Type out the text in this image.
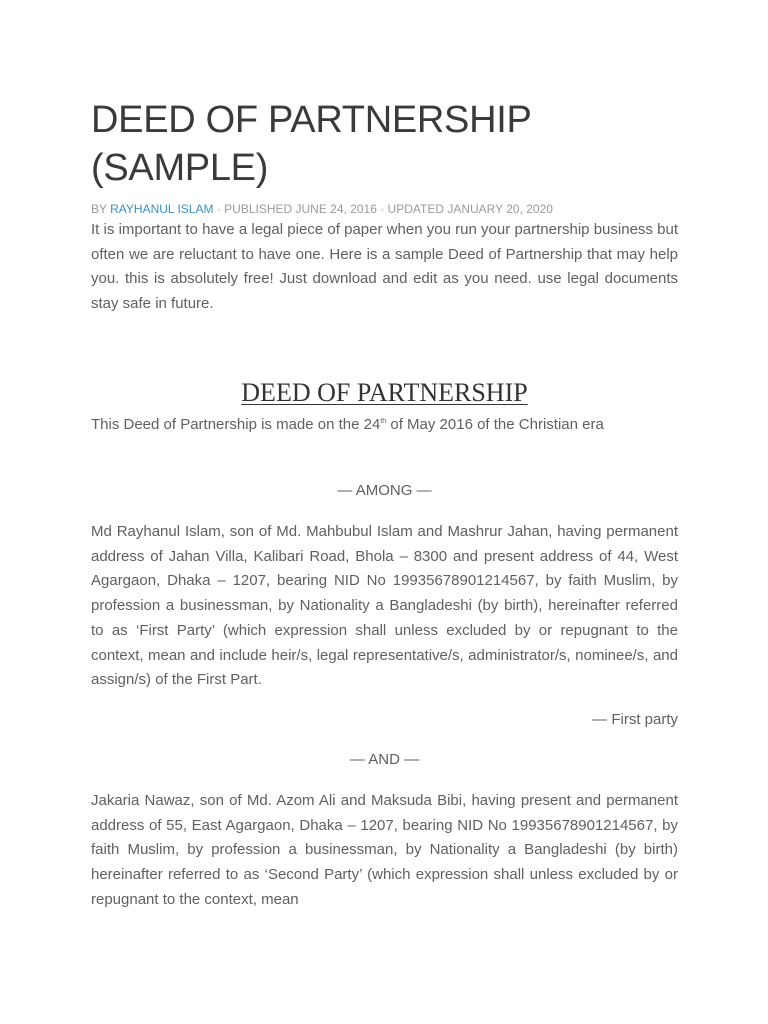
DEED OF PARTNERSHIP
(SAMPLE)
BY RAYHANUL ISLAM · PUBLISHED JUNE 24, 2016 · UPDATED JANUARY 20, 2020

It is important to have a legal piece of paper when you run your partnership business but often we are reluctant to have one. Here is a sample Deed of Partnership that may help you. this is absolutely free! Just download and edit as you need. use legal documents stay safe in future.

DEED OF PARTNERSHIP

This Deed of Partnership is made on the 24th of May 2016 of the Christian era

— AMONG —

Md Rayhanul Islam, son of Md. Mahbubul Islam and Mashrur Jahan, having permanent address of Jahan Villa, Kalibari Road, Bhola – 8300 and present address of 44, West Agargaon, Dhaka – 1207, bearing NID No 19935678901214567, by faith Muslim, by profession a businessman, by Nationality a Bangladeshi (by birth), hereinafter referred to as ‘First Party’ (which expression shall unless excluded by or repugnant to the context, mean and include heir/s, legal representative/s, administrator/s, nominee/s, and assign/s) of the First Part.

— First party

— AND —

Jakaria Nawaz, son of Md. Azom Ali and Maksuda Bibi, having present and permanent address of 55, East Agargaon, Dhaka – 1207, bearing NID No 19935678901214567, by faith Muslim, by profession a businessman, by Nationality a Bangladeshi (by birth) hereinafter referred to as ‘Second Party’ (which expression shall unless excluded by or repugnant to the context, mean
